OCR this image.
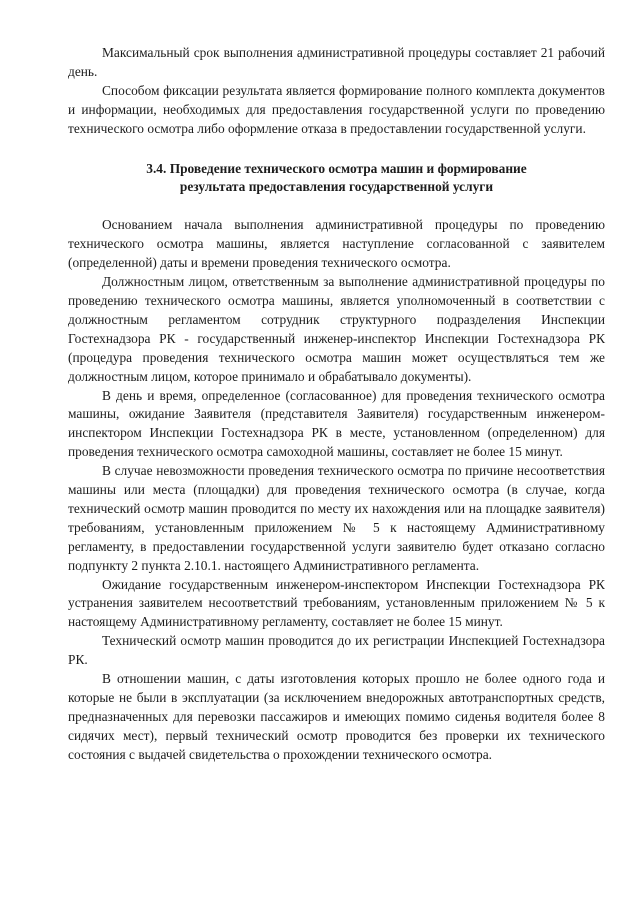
Максимальный срок выполнения административной процедуры составляет 21 рабочий день.

Способом фиксации результата является формирование полного комплекта документов и информации, необходимых для предоставления государственной услуги по проведению технического осмотра либо оформление отказа в предоставлении государственной услуги.

3.4. Проведение технического осмотра машин и формирование
результата предоставления государственной услуги

Основанием начала выполнения административной процедуры по проведению технического осмотра машины, является наступление согласованной с заявителем (определенной) даты и времени проведения технического осмотра.

Должностным лицом, ответственным за выполнение административной процедуры по проведению технического осмотра машины, является уполномоченный в соответствии с должностным регламентом сотрудник структурного подразделения Инспекции Гостехнадзора РК - государственный инженер-инспектор Инспекции Гостехнадзора РК (процедура проведения технического осмотра машин может осуществляться тем же должностным лицом, которое принимало и обрабатывало документы).

В день и время, определенное (согласованное) для проведения технического осмотра машины, ожидание Заявителя (представителя Заявителя) государственным инженером-инспектором Инспекции Гостехнадзора РК в месте, установленном (определенном) для проведения технического осмотра самоходной машины, составляет не более 15 минут.

В случае невозможности проведения технического осмотра по причине несоответствия машины или места (площадки) для проведения технического осмотра (в случае, когда технический осмотр машин проводится по месту их нахождения или на площадке заявителя) требованиям, установленным приложением № 5 к настоящему Административному регламенту, в предоставлении государственной услуги заявителю будет отказано согласно подпункту 2 пункта 2.10.1. настоящего Административного регламента.

Ожидание государственным инженером-инспектором Инспекции Гостехнадзора РК устранения заявителем несоответствий требованиям, установленным приложением № 5 к настоящему Административному регламенту, составляет не более 15 минут.

Технический осмотр машин проводится до их регистрации Инспекцией Гостехнадзора РК.

В отношении машин, с даты изготовления которых прошло не более одного года и которые не были в эксплуатации (за исключением внедорожных автотранспортных средств, предназначенных для перевозки пассажиров и имеющих помимо сиденья водителя более 8 сидячих мест), первый технический осмотр проводится без проверки их технического состояния с выдачей свидетельства о прохождении технического осмотра.
